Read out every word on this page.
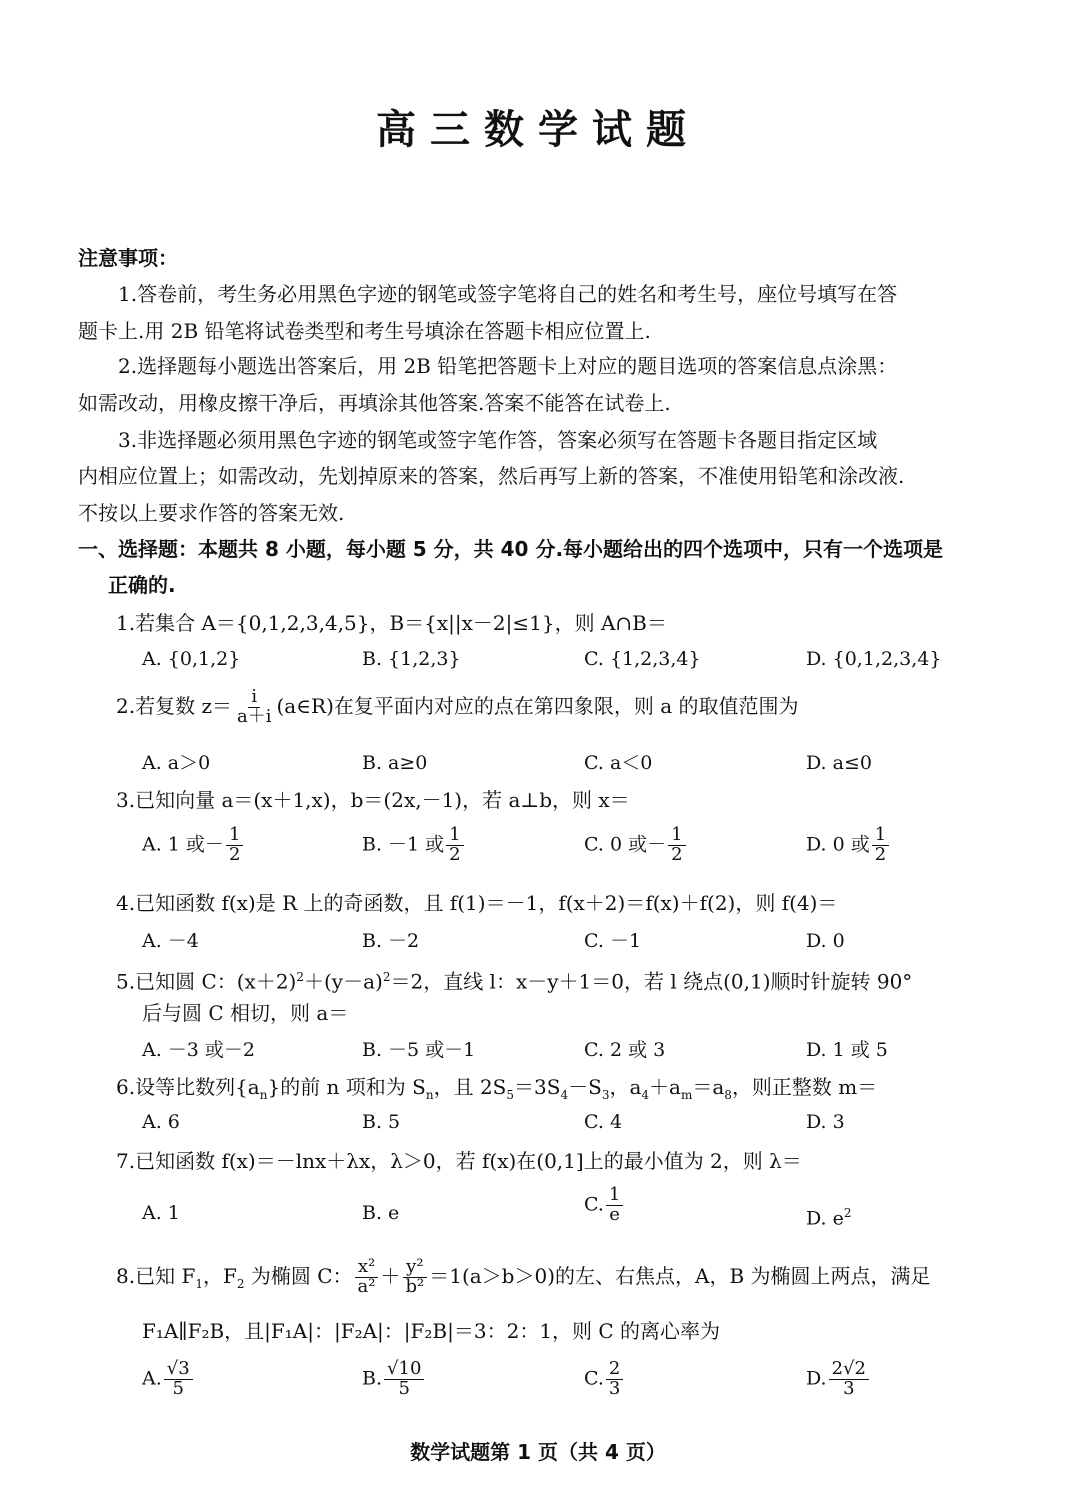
高三数学试题
注意事项：
1.答卷前，考生务必用黑色字迹的钢笔或签字笔将自己的姓名和考生号，座位号填写在答
题卡上.用 2B 铅笔将试卷类型和考生号填涂在答题卡相应位置上.
2.选择题每小题选出答案后，用 2B 铅笔把答题卡上对应的题目选项的答案信息点涂黑：
如需改动，用橡皮擦干净后，再填涂其他答案.答案不能答在试卷上.
3.非选择题必须用黑色字迹的钢笔或签字笔作答，答案必须写在答题卡各题目指定区域
内相应位置上；如需改动，先划掉原来的答案，然后再写上新的答案，不准使用铅笔和涂改液.
不按以上要求作答的答案无效.
一、选择题：本题共 8 小题，每小题 5 分，共 40 分.每小题给出的四个选项中，只有一个选项是
正确的.
1.若集合 A＝{0,1,2,3,4,5}，B＝{x||x－2|≤1}，则 A∩B＝
A. {0,1,2}	B. {1,2,3}	C. {1,2,3,4}	D. {0,1,2,3,4}
2.若复数 $z= \frac{i}{a+i}$ (a∈R)在复平面内对应的点在第四象限，则 a 的取值范围为
A. a＞0	B. a≥0	C. a＜0	D. a≤0
3.已知向量 a＝(x＋1,x)，b＝(2x,－1)，若 a⊥b，则 x＝
A. 1 或－ $\frac{1}{2}$	B. －1 或 $\frac{1}{2}$	C. 0 或－ $\frac{1}{2}$	D. 0 或 $\frac{1}{2}$
4.已知函数 f(x)是 R 上的奇函数，且 f(1)＝－1，f(x＋2)＝f(x)＋f(2)，则 f(4)＝
A. －4	B. －2	C. －1	D. 0
5.已知圆 C：$(x+2)^2+(y-a)^2=2$，直线 l：x－y＋1＝0，若 l 绕点(0,1)顺时针旋转 90°
后与圆 C 相切，则 a＝
A. －3 或－2	B. －5 或－1	C. 2 或 3	D. 1 或 5
6.设等比数列$\{a_n\}$的前 n 项和为 $S_n$，且 $2S_5=3S_4-S_3$，$a_4+a_m=a_8$，则正整数 m＝
A. 6	B. 5	C. 4	D. 3
7.已知函数 f(x)＝－lnx＋λx，λ＞0，若 f(x)在(0,1]上的最小值为 2，则 λ＝
A. 1	B. e	C. $\frac{1}{e}$	D. $e^2$
8.已知 $F_1$，$F_2$ 为椭圆 C： $\frac{\text{x²}}{\text{a²}} + \frac{\text{y²}}{\text{b²}} =1(a>b>0)$的左、右焦点，A，B 为椭圆上两点，满足
F₁A∥F₂B，且|F₁A|：|F₂A|：|F₂B|＝3：2：1，则 C 的离心率为
A. $\frac{√3}{5}$	B. $\frac{√10}{5}$	C. $\frac{2}{3}$	D. $\frac{2√2}{3}$
数学试题第 1 页（共 4 页）
